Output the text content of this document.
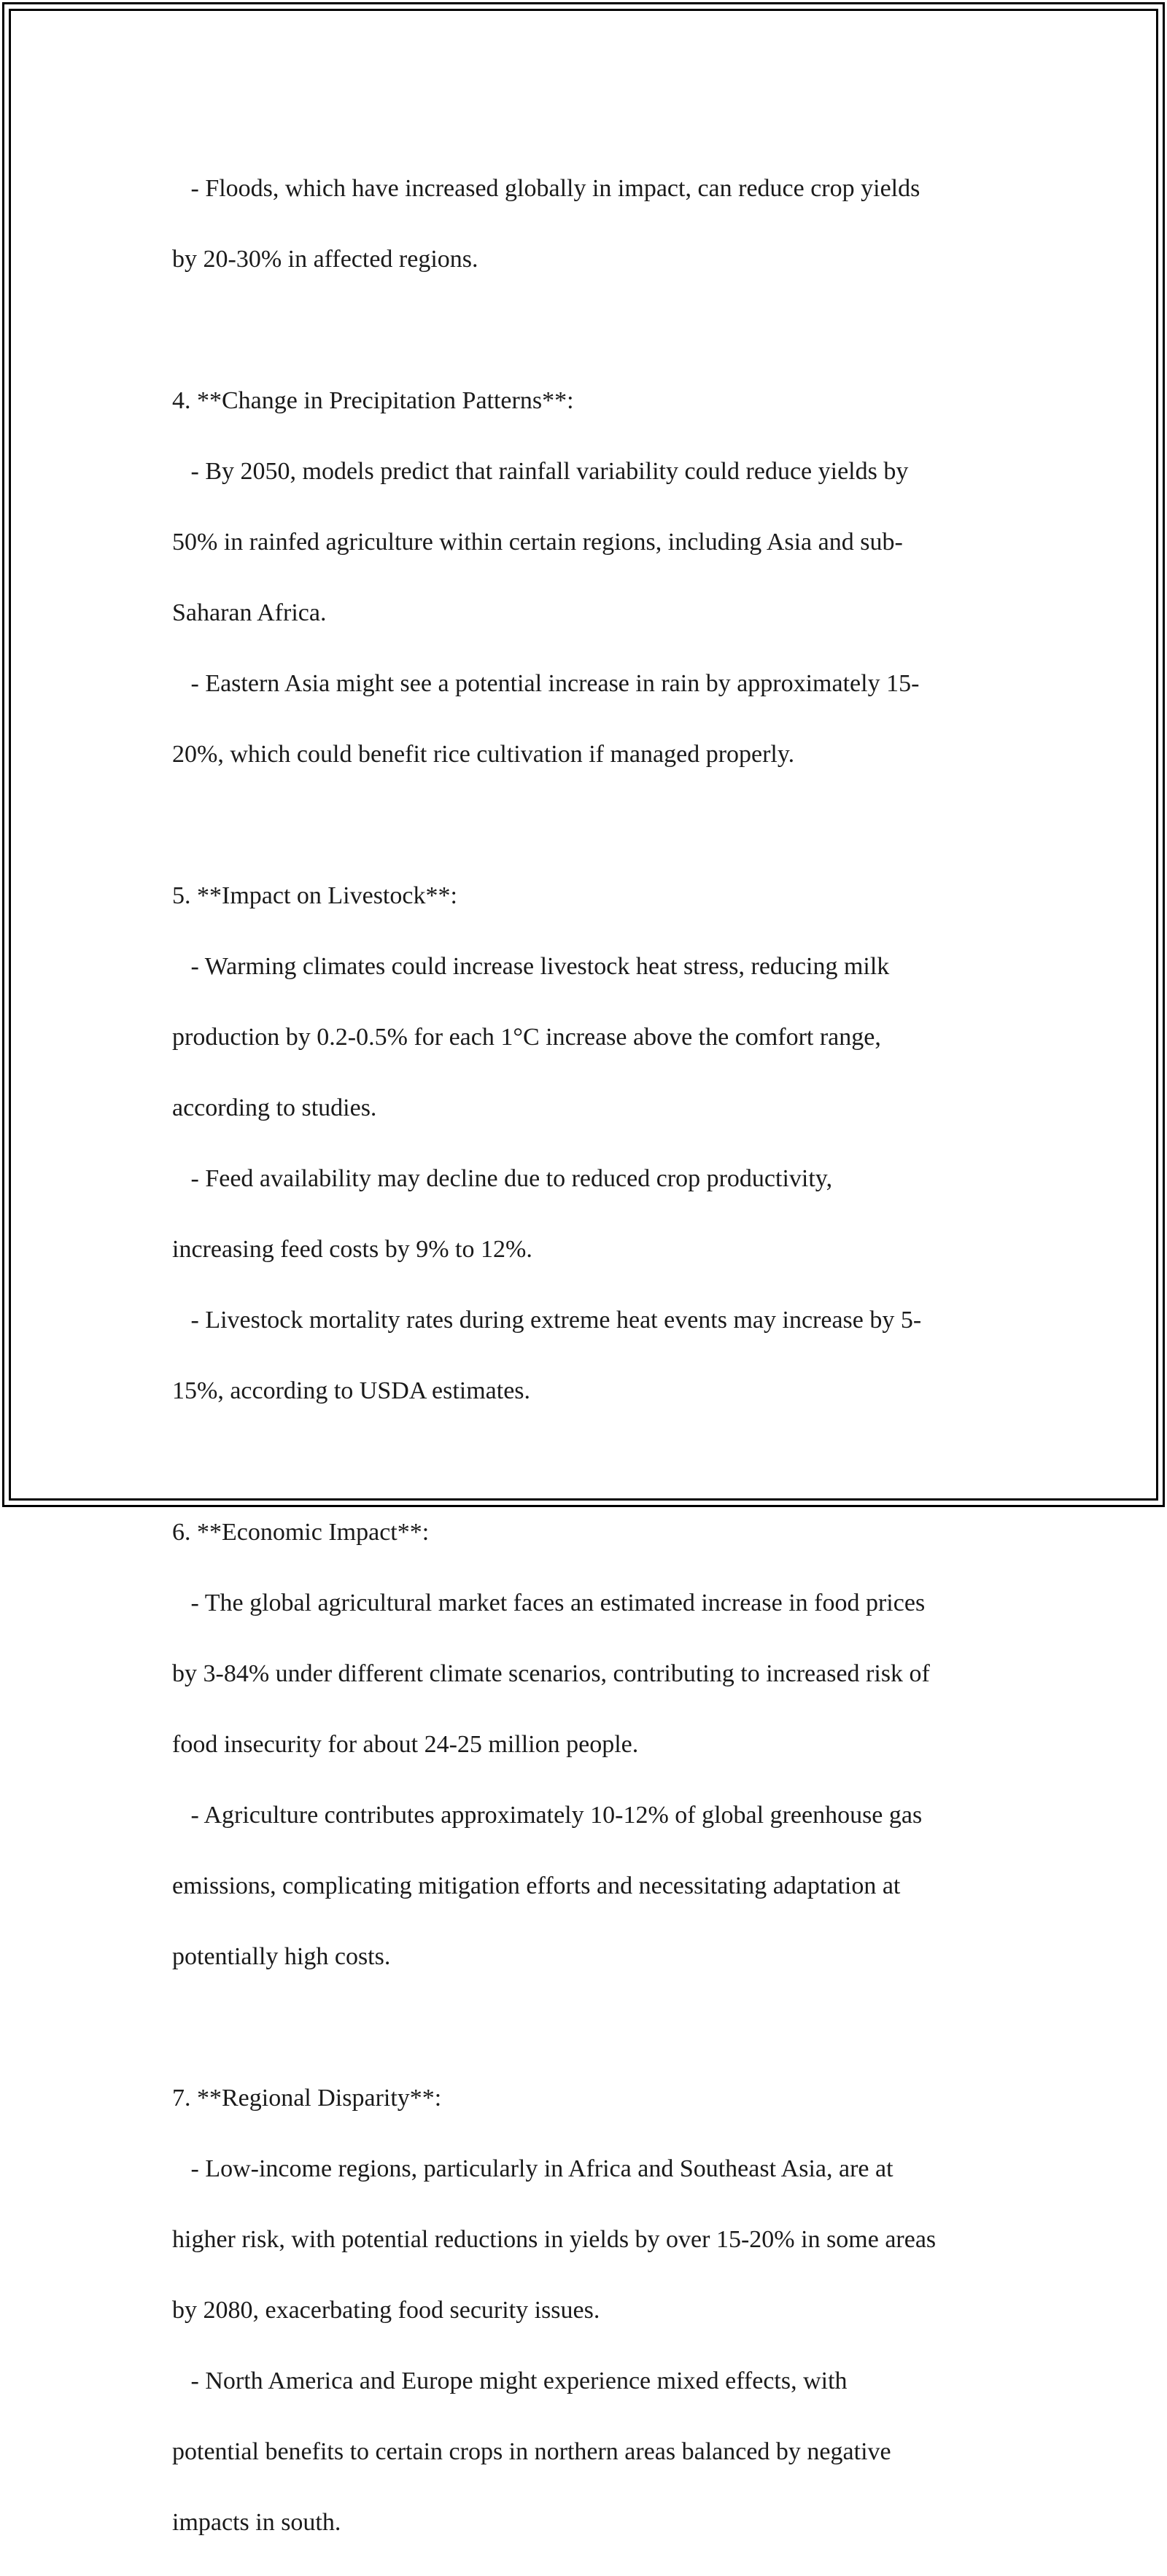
- Floods, which have increased globally in impact, can reduce crop yields

by 20-30% in affected regions.

4. **Change in Precipitation Patterns**:

- By 2050, models predict that rainfall variability could reduce yields by

50% in rainfed agriculture within certain regions, including Asia and sub-

Saharan Africa.

- Eastern Asia might see a potential increase in rain by approximately 15-

20%, which could benefit rice cultivation if managed properly.

5. **Impact on Livestock**:

- Warming climates could increase livestock heat stress, reducing milk

production by 0.2-0.5% for each 1°C increase above the comfort range,

according to studies.

- Feed availability may decline due to reduced crop productivity,

increasing feed costs by 9% to 12%.

- Livestock mortality rates during extreme heat events may increase by 5-

15%, according to USDA estimates.

6. **Economic Impact**:

- The global agricultural market faces an estimated increase in food prices

by 3-84% under different climate scenarios, contributing to increased risk of

food insecurity for about 24-25 million people.

- Agriculture contributes approximately 10-12% of global greenhouse gas

emissions, complicating mitigation efforts and necessitating adaptation at

potentially high costs.

7. **Regional Disparity**:

- Low-income regions, particularly in Africa and Southeast Asia, are at

higher risk, with potential reductions in yields by over 15-20% in some areas

by 2080, exacerbating food security issues.

- North America and Europe might experience mixed effects, with

potential benefits to certain crops in northern areas balanced by negative

impacts in south.
